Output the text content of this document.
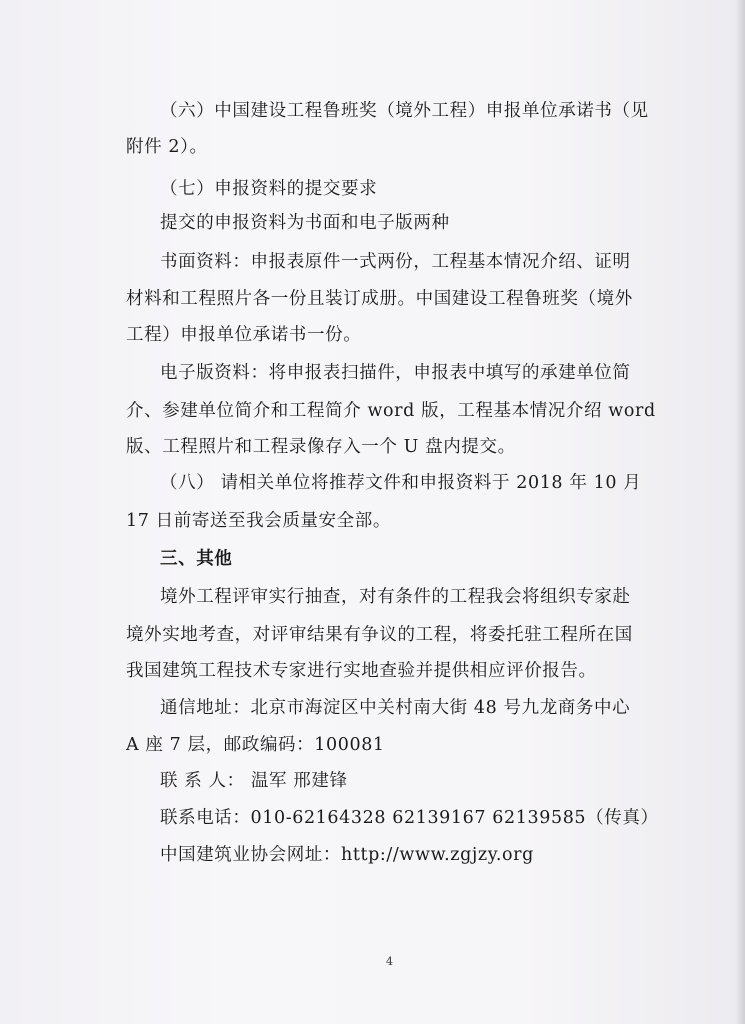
（六）中国建设工程鲁班奖（境外工程）申报单位承诺书（见
附件 2）。
（七）申报资料的提交要求
提交的申报资料为书面和电子版两种
书面资料：申报表原件一式两份，工程基本情况介绍、证明
材料和工程照片各一份且装订成册。中国建设工程鲁班奖（境外
工程）申报单位承诺书一份。
电子版资料：将申报表扫描件，申报表中填写的承建单位简
介、参建单位简介和工程简介 word 版，工程基本情况介绍 word
版、工程照片和工程录像存入一个 U 盘内提交。
（八） 请相关单位将推荐文件和申报资料于 2018 年 10 月
17 日前寄送至我会质量安全部。
三、其他
境外工程评审实行抽查，对有条件的工程我会将组织专家赴
境外实地考查，对评审结果有争议的工程，将委托驻工程所在国
我国建筑工程技术专家进行实地查验并提供相应评价报告。
通信地址：北京市海淀区中关村南大街 48 号九龙商务中心
A 座 7 层，邮政编码：100081
联 系 人： 温军 邢建锋
联系电话：010-62164328 62139167 62139585（传真）
中国建筑业协会网址：http://www.zgjzy.org
4
